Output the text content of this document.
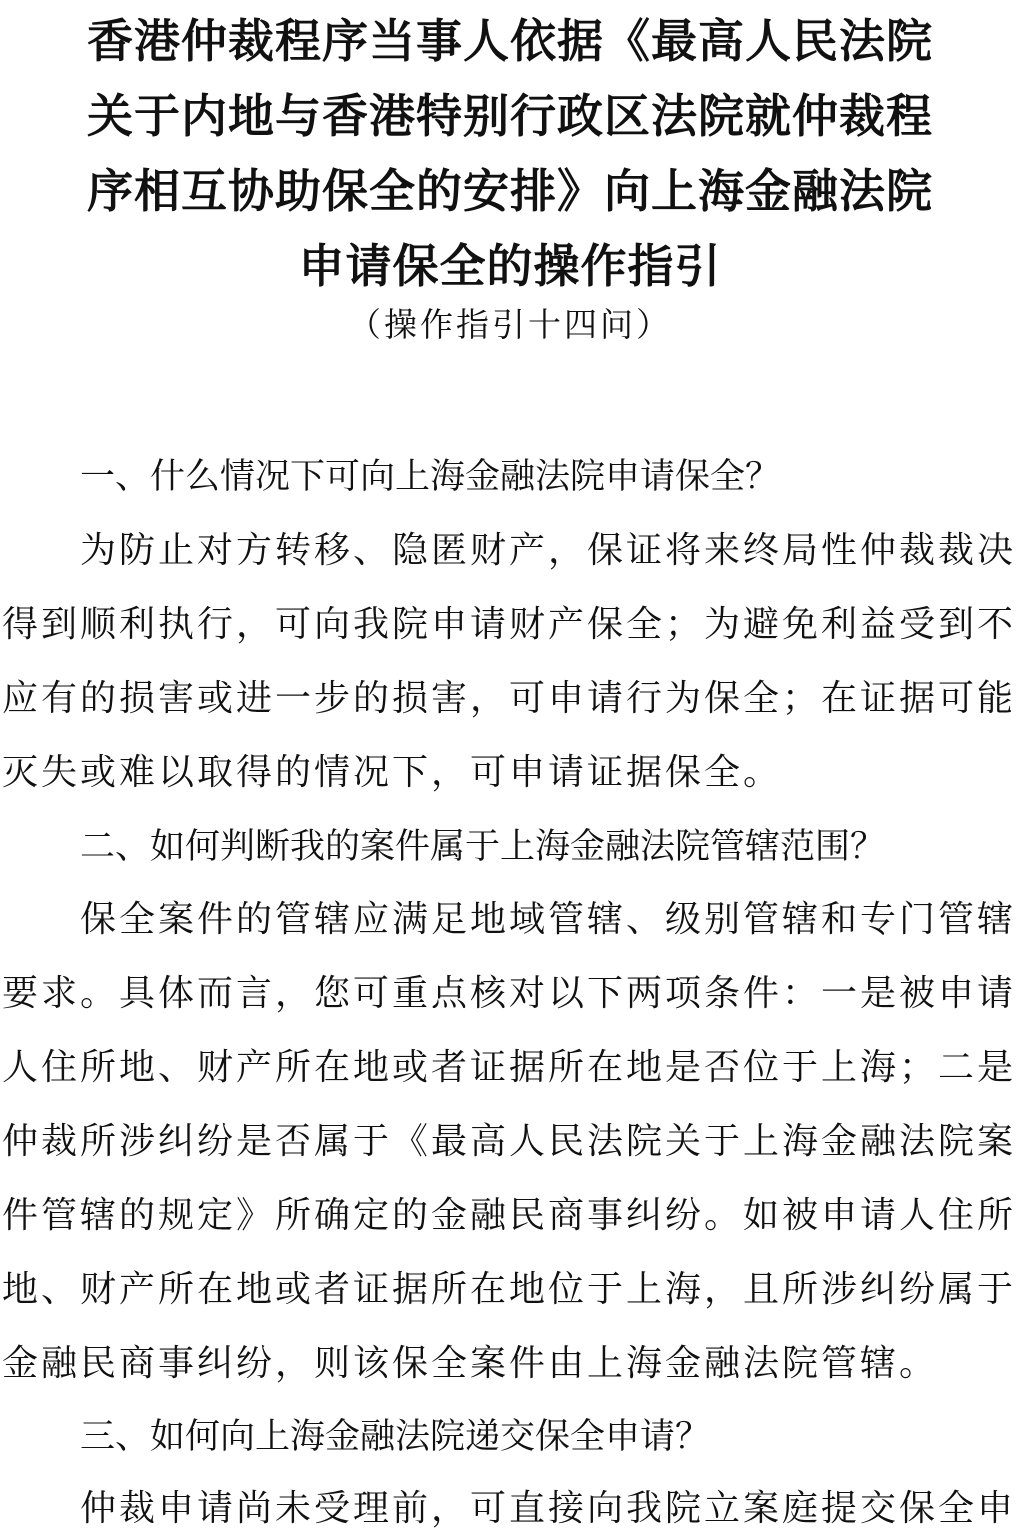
香港仲裁程序当事人依据《最高人民法院 关于内地与香港特别行政区法院就仲裁程 序相互协助保全的安排》向上海金融法院 申请保全的操作指引
（操作指引十四问）
一、什么情况下可向上海金融法院申请保全？
为防止对方转移、隐匿财产，保证将来终局性仲裁裁决
得到顺利执行，可向我院申请财产保全；为避免利益受到不
应有的损害或进一步的损害，可申请行为保全；在证据可能
灭失或难以取得的情况下，可申请证据保全。
二、如何判断我的案件属于上海金融法院管辖范围？
保全案件的管辖应满足地域管辖、级别管辖和专门管辖
要求。具体而言，您可重点核对以下两项条件：一是被申请
人住所地、财产所在地或者证据所在地是否位于上海；二是
仲裁所涉纠纷是否属于《最高人民法院关于上海金融法院案
件管辖的规定》所确定的金融民商事纠纷。如被申请人住所
地、财产所在地或者证据所在地位于上海，且所涉纠纷属于
金融民商事纠纷，则该保全案件由上海金融法院管辖。
三、如何向上海金融法院递交保全申请？
仲裁申请尚未受理前，可直接向我院立案庭提交保全申
